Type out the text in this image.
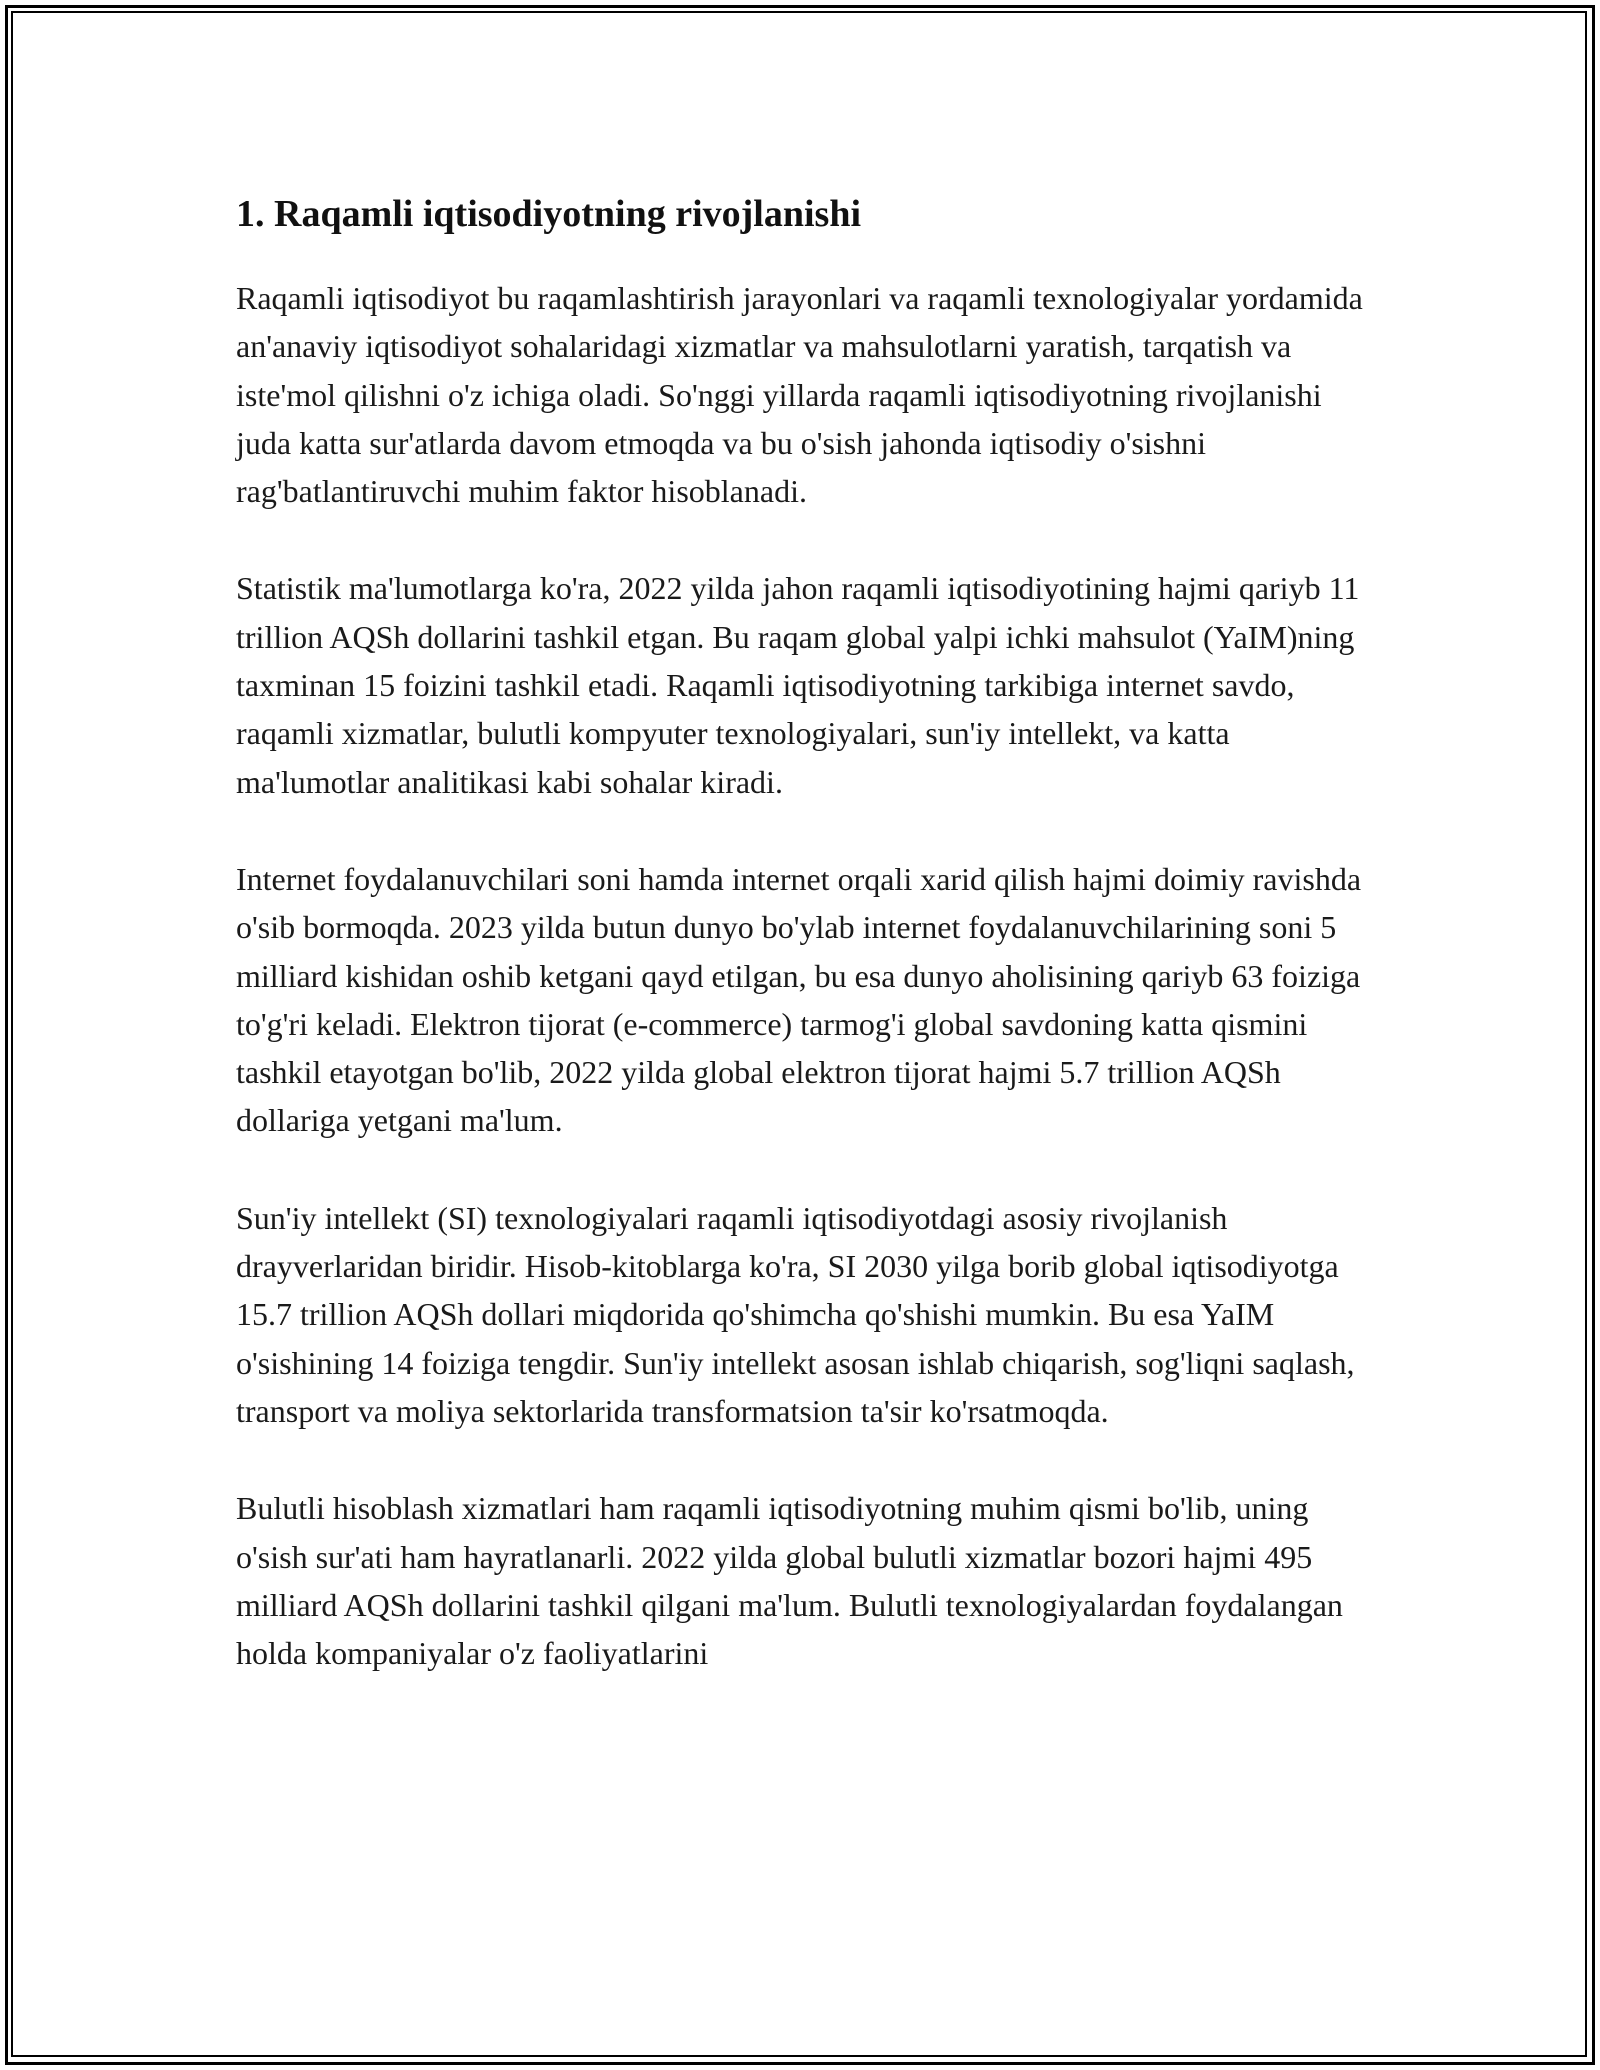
1. Raqamli iqtisodiyotning rivojlanishi

Raqamli iqtisodiyot bu raqamlashtirish jarayonlari va raqamli texnologiyalar yordamida an'anaviy iqtisodiyot sohalaridagi xizmatlar va mahsulotlarni yaratish, tarqatish va iste'mol qilishni o'z ichiga oladi. So'nggi yillarda raqamli iqtisodiyotning rivojlanishi juda katta sur'atlarda davom etmoqda va bu o'sish jahonda iqtisodiy o'sishni rag'batlantiruvchi muhim faktor hisoblanadi.

Statistik ma'lumotlarga ko'ra, 2022 yilda jahon raqamli iqtisodiyotining hajmi qariyb 11 trillion AQSh dollarini tashkil etgan. Bu raqam global yalpi ichki mahsulot (YaIM)ning taxminan 15 foizini tashkil etadi. Raqamli iqtisodiyotning tarkibiga internet savdo, raqamli xizmatlar, bulutli kompyuter texnologiyalari, sun'iy intellekt, va katta ma'lumotlar analitikasi kabi sohalar kiradi.

Internet foydalanuvchilari soni hamda internet orqali xarid qilish hajmi doimiy ravishda o'sib bormoqda. 2023 yilda butun dunyo bo'ylab internet foydalanuvchilarining soni 5 milliard kishidan oshib ketgani qayd etilgan, bu esa dunyo aholisining qariyb 63 foiziga to'g'ri keladi. Elektron tijorat (e-commerce) tarmog'i global savdoning katta qismini tashkil etayotgan bo'lib, 2022 yilda global elektron tijorat hajmi 5.7 trillion AQSh dollariga yetgani ma'lum.

Sun'iy intellekt (SI) texnologiyalari raqamli iqtisodiyotdagi asosiy rivojlanish drayverlaridan biridir. Hisob-kitoblarga ko'ra, SI 2030 yilga borib global iqtisodiyotga 15.7 trillion AQSh dollari miqdorida qo'shimcha qo'shishi mumkin. Bu esa YaIM o'sishining 14 foiziga tengdir. Sun'iy intellekt asosan ishlab chiqarish, sog'liqni saqlash, transport va moliya sektorlarida transformatsion ta'sir ko'rsatmoqda.

Bulutli hisoblash xizmatlari ham raqamli iqtisodiyotning muhim qismi bo'lib, uning o'sish sur'ati ham hayratlanarli. 2022 yilda global bulutli xizmatlar bozori hajmi 495 milliard AQSh dollarini tashkil qilgani ma'lum. Bulutli texnologiyalardan foydalangan holda kompaniyalar o'z faoliyatlarini
